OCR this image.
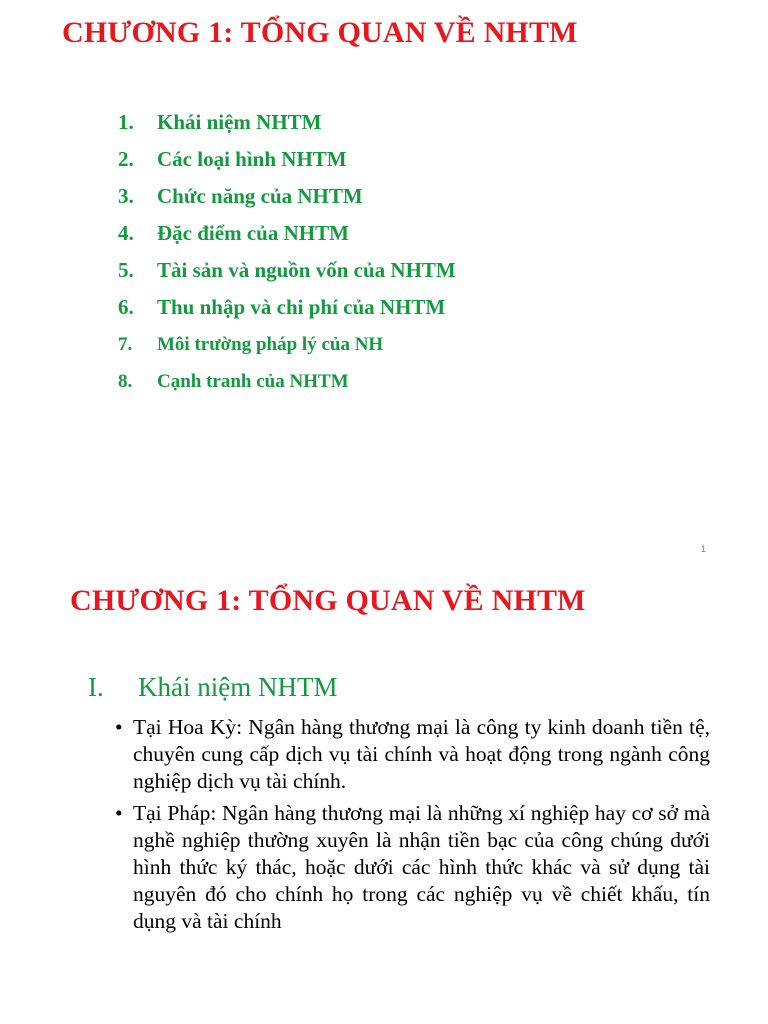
CHƯƠNG 1: TỔNG QUAN VỀ NHTM
1.	Khái niệm NHTM
2.	Các loại hình NHTM
3.	Chức năng của NHTM
4.	Đặc điểm của NHTM
5.	Tài sản và nguồn vốn của NHTM
6.	Thu nhập và chi phí của NHTM
7.	Môi trường pháp lý của NH
8.	Cạnh tranh của NHTM
1
CHƯƠNG 1: TỔNG QUAN VỀ NHTM
I. Khái niệm NHTM
• Tại Hoa Kỳ: Ngân hàng thương mại là công ty kinh doanh tiền tệ, chuyên cung cấp dịch vụ tài chính và hoạt động trong ngành công nghiệp dịch vụ tài chính.
• Tại Pháp: Ngân hàng thương mại là những xí nghiệp hay cơ sở mà nghề nghiệp thường xuyên là nhận tiền bạc của công chúng dưới hình thức ký thác, hoặc dưới các hình thức khác và sử dụng tài nguyên đó cho chính họ trong các nghiệp vụ về chiết khấu, tín dụng và tài chính
